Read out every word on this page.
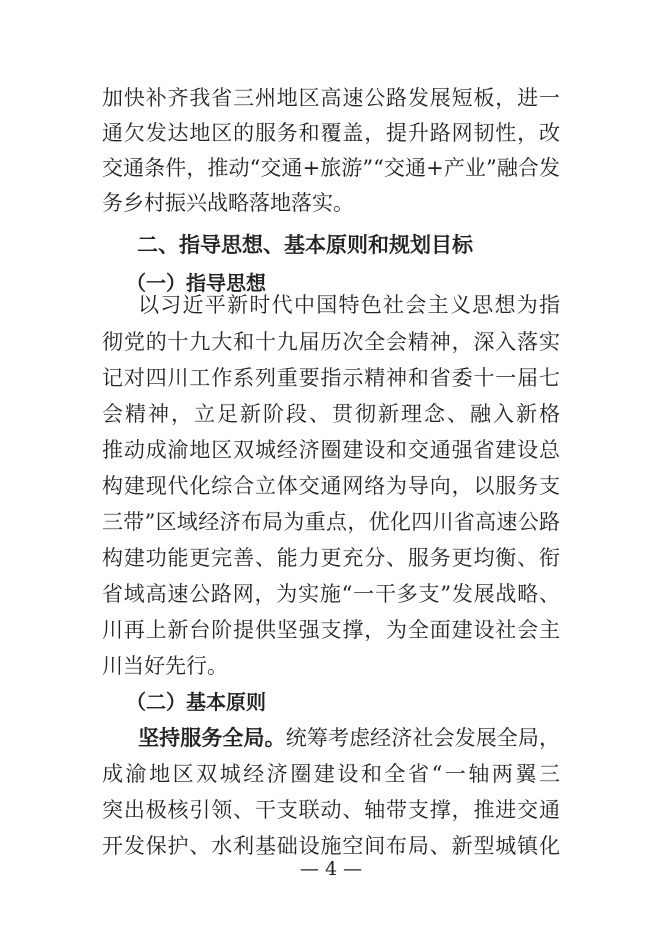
加快补齐我省三州地区高速公路发展短板，进一
通欠发达地区的服务和覆盖，提升路网韧性，改
交通条件，推动“交通+旅游”“交通+产业”融合发
务乡村振兴战略落地落实。
二、指导思想、基本原则和规划目标
（一）指导思想
以习近平新时代中国特色社会主义思想为指
彻党的十九大和十九届历次全会精神，深入落实
记对四川工作系列重要指示精神和省委十一届七
会精神，立足新阶段、贯彻新理念、融入新格
推动成渝地区双城经济圈建设和交通强省建设总
构建现代化综合立体交通网络为导向，以服务支
三带”区域经济布局为重点，优化四川省高速公路
构建功能更完善、能力更充分、服务更均衡、衔
省域高速公路网，为实施“一干多支”发展战略、
川再上新台阶提供坚强支撑，为全面建设社会主
川当好先行。
（二）基本原则
坚持服务全局。统筹考虑经济社会发展全局，
成渝地区双城经济圈建设和全省“一轴两翼三
突出极核引领、干支联动、轴带支撑，推进交通
开发保护、水利基础设施空间布局、新型城镇化
— 4 —
